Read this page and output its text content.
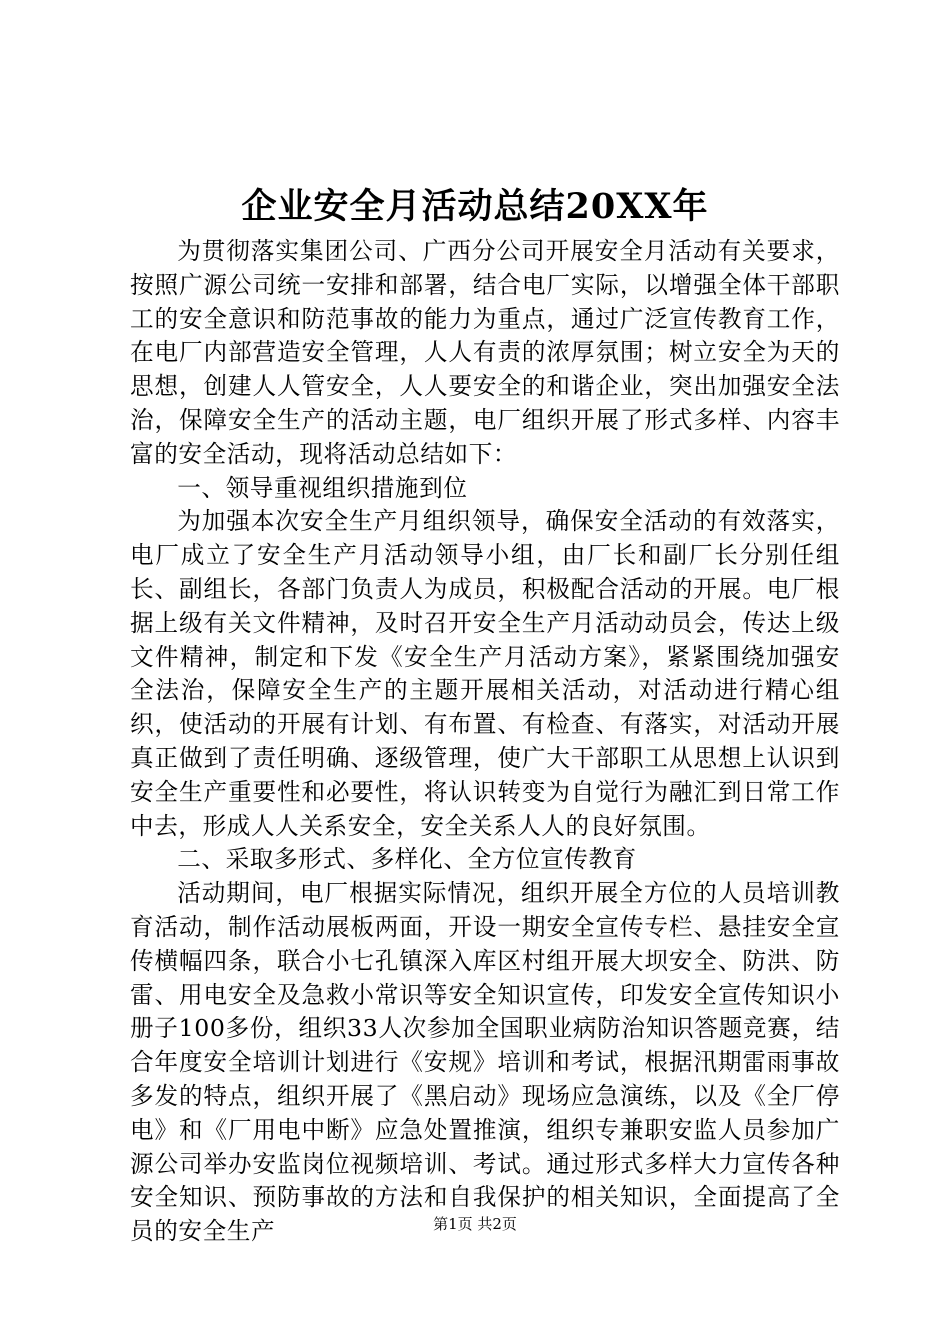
企业安全月活动总结20XX年

为贯彻落实集团公司、广西分公司开展安全月活动有关要求，按照广源公司统一安排和部署，结合电厂实际，以增强全体干部职工的安全意识和防范事故的能力为重点，通过广泛宣传教育工作，在电厂内部营造安全管理，人人有责的浓厚氛围；树立安全为天的思想，创建人人管安全，人人要安全的和谐企业，突出加强安全法治，保障安全生产的活动主题，电厂组织开展了形式多样、内容丰富的安全活动，现将活动总结如下：

一、领导重视组织措施到位

为加强本次安全生产月组织领导，确保安全活动的有效落实，电厂成立了安全生产月活动领导小组，由厂长和副厂长分别任组长、副组长，各部门负责人为成员，积极配合活动的开展。电厂根据上级有关文件精神，及时召开安全生产月活动动员会，传达上级文件精神，制定和下发《安全生产月活动方案》，紧紧围绕加强安全法治，保障安全生产的主题开展相关活动，对活动进行精心组织，使活动的开展有计划、有布置、有检查、有落实，对活动开展真正做到了责任明确、逐级管理，使广大干部职工从思想上认识到安全生产重要性和必要性，将认识转变为自觉行为融汇到日常工作中去，形成人人关系安全，安全关系人人的良好氛围。

二、采取多形式、多样化、全方位宣传教育

活动期间，电厂根据实际情况，组织开展全方位的人员培训教育活动，制作活动展板两面，开设一期安全宣传专栏、悬挂安全宣传横幅四条，联合小七孔镇深入库区村组开展大坝安全、防洪、防雷、用电安全及急救小常识等安全知识宣传，印发安全宣传知识小册子100多份，组织33人次参加全国职业病防治知识答题竞赛，结合年度安全培训计划进行《安规》培训和考试，根据汛期雷雨事故多发的特点，组织开展了《黑启动》现场应急演练，以及《全厂停电》和《厂用电中断》应急处置推演，组织专兼职安监人员参加广源公司举办安监岗位视频培训、考试。通过形式多样大力宣传各种安全知识、预防事故的方法和自我保护的相关知识，全面提高了全员的安全生产	第1页 共2页
